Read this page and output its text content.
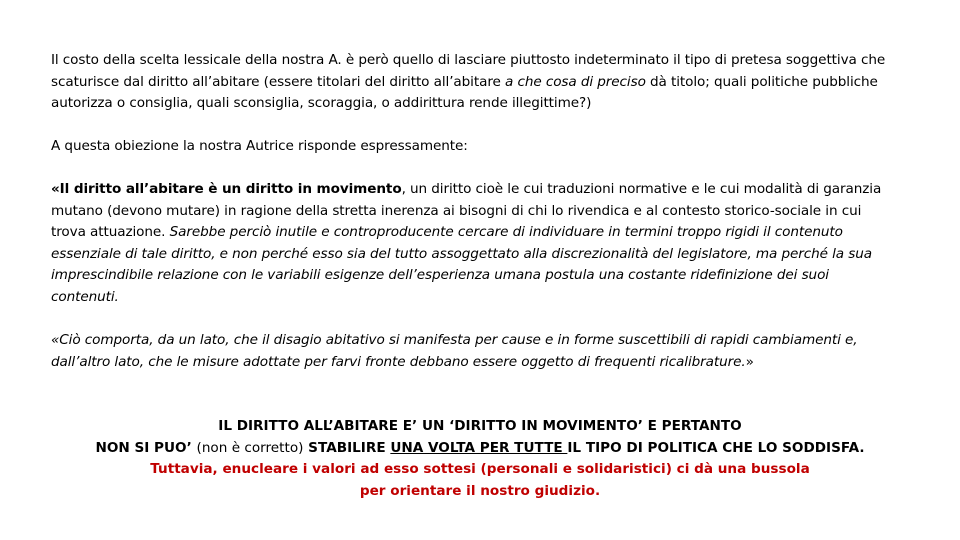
Il costo della scelta lessicale della nostra A. è però quello di lasciare piuttosto indeterminato il tipo di pretesa soggettiva che scaturisce dal diritto all’abitare (essere titolari del diritto all’abitare a che cosa di preciso dà titolo; quali politiche pubbliche autorizza o consiglia, quali sconsiglia, scoraggia, o addirittura rende illegittime?)

A questa obiezione la nostra Autrice risponde espressamente:

«Il diritto all’abitare è un diritto in movimento, un diritto cioè le cui traduzioni normative e le cui modalità di garanzia mutano (devono mutare) in ragione della stretta inerenza ai bisogni di chi lo rivendica e al contesto storico-sociale in cui trova attuazione. Sarebbe perciò inutile e controproducente cercare di individuare in termini troppo rigidi il contenuto essenziale di tale diritto, e non perché esso sia del tutto assoggettato alla discrezionalità del legislatore, ma perché la sua imprescindibile relazione con le variabili esigenze dell’esperienza umana postula una costante ridefinizione dei suoi contenuti.

«Ciò comporta, da un lato, che il disagio abitativo si manifesta per cause e in forme suscettibili di rapidi cambiamenti e, dall’altro lato, che le misure adottate per farvi fronte debbano essere oggetto di frequenti ricalibrature.»

IL DIRITTO ALL’ABITARE E’ UN ‘DIRITTO IN MOVIMENTO’ E PERTANTO
NON SI PUO’ (non è corretto) STABILIRE UNA VOLTA PER TUTTE IL TIPO DI POLITICA CHE LO SODDISFA.
Tuttavia, enucleare i valori ad esso sottesi (personali e solidaristici) ci dà una bussola
per orientare il nostro giudizio.
